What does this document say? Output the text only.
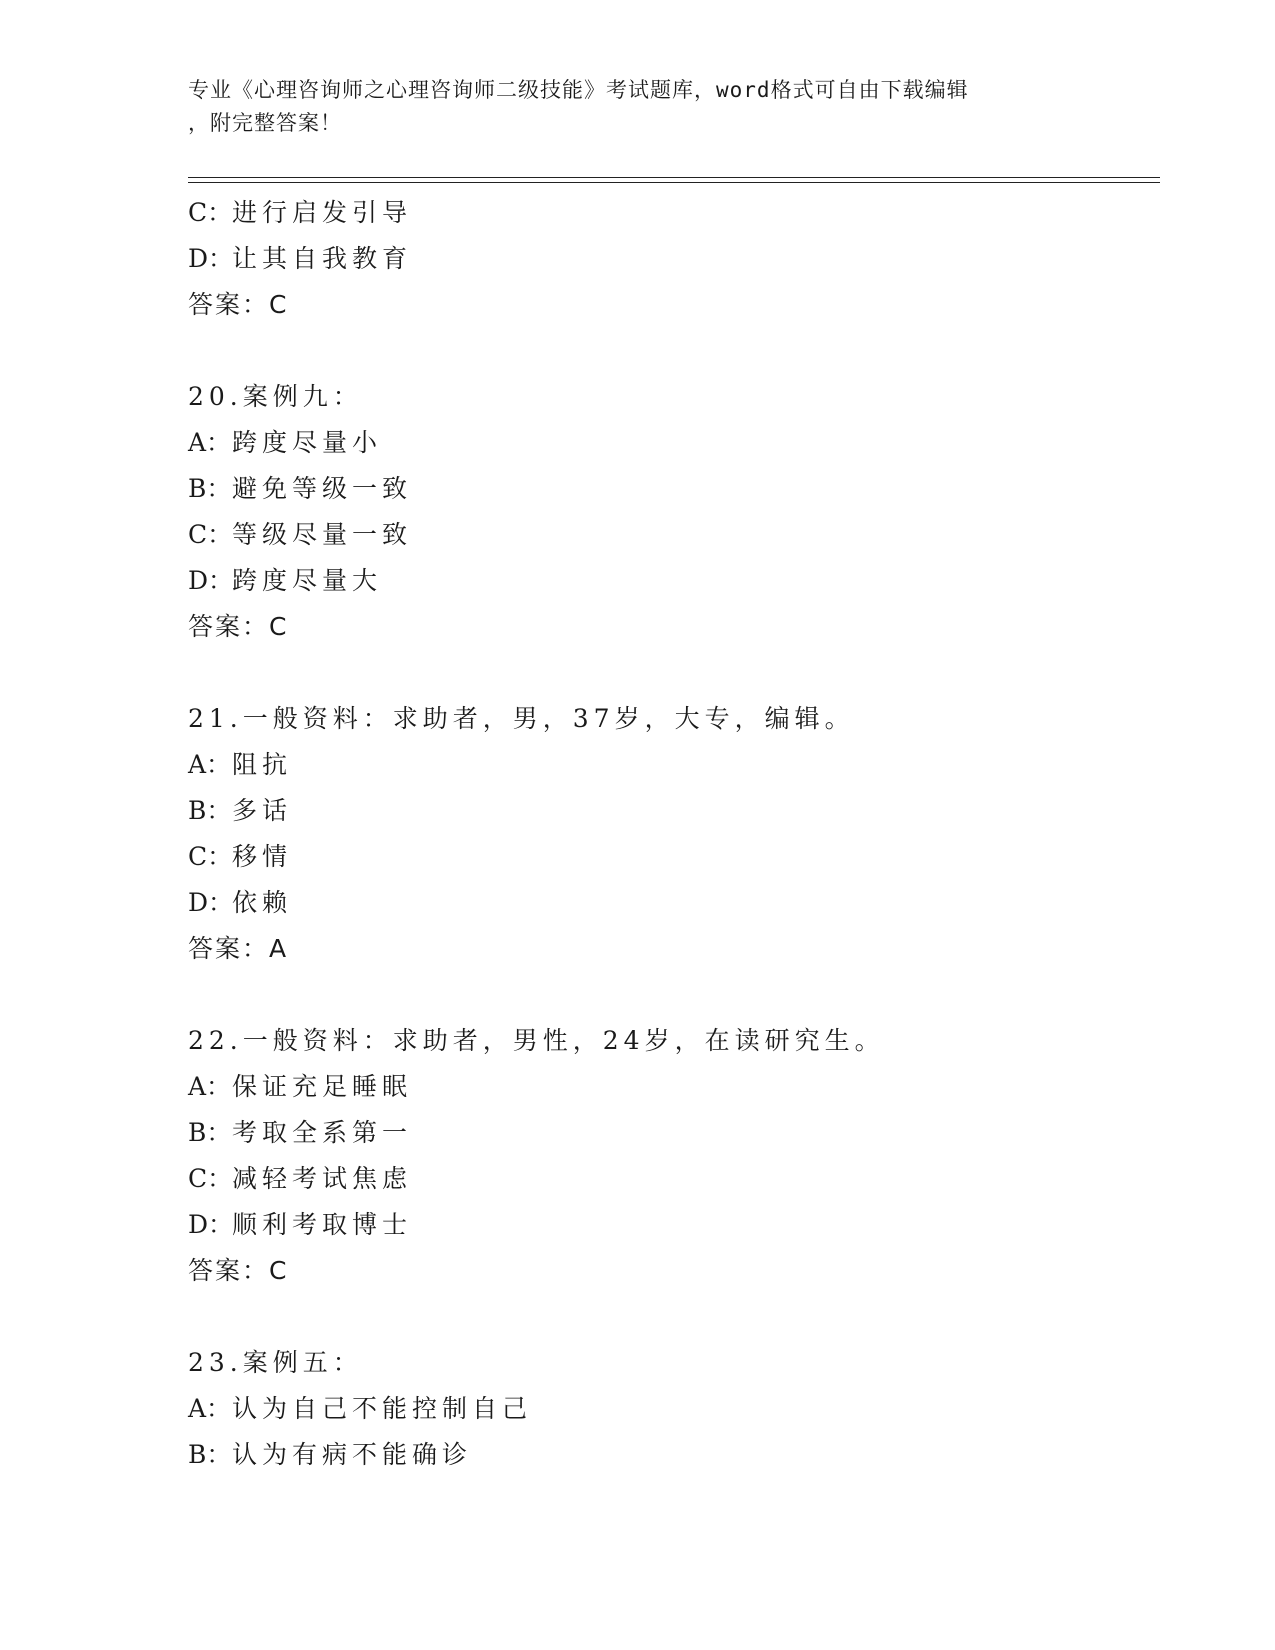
专业《心理咨询师之心理咨询师二级技能》考试题库，word格式可自由下载编辑
，附完整答案！
C：进行启发引导
D：让其自我教育
答案：C
20.案例九：
A：跨度尽量小
B：避免等级一致
C：等级尽量一致
D：跨度尽量大
答案：C
21.一般资料：求助者，男，37岁，大专，编辑。
A：阻抗
B：多话
C：移情
D：依赖
答案：A
22.一般资料：求助者，男性，24岁，在读研究生。
A：保证充足睡眠
B：考取全系第一
C：减轻考试焦虑
D：顺利考取博士
答案：C
23.案例五：
A：认为自己不能控制自己
B：认为有病不能确诊
